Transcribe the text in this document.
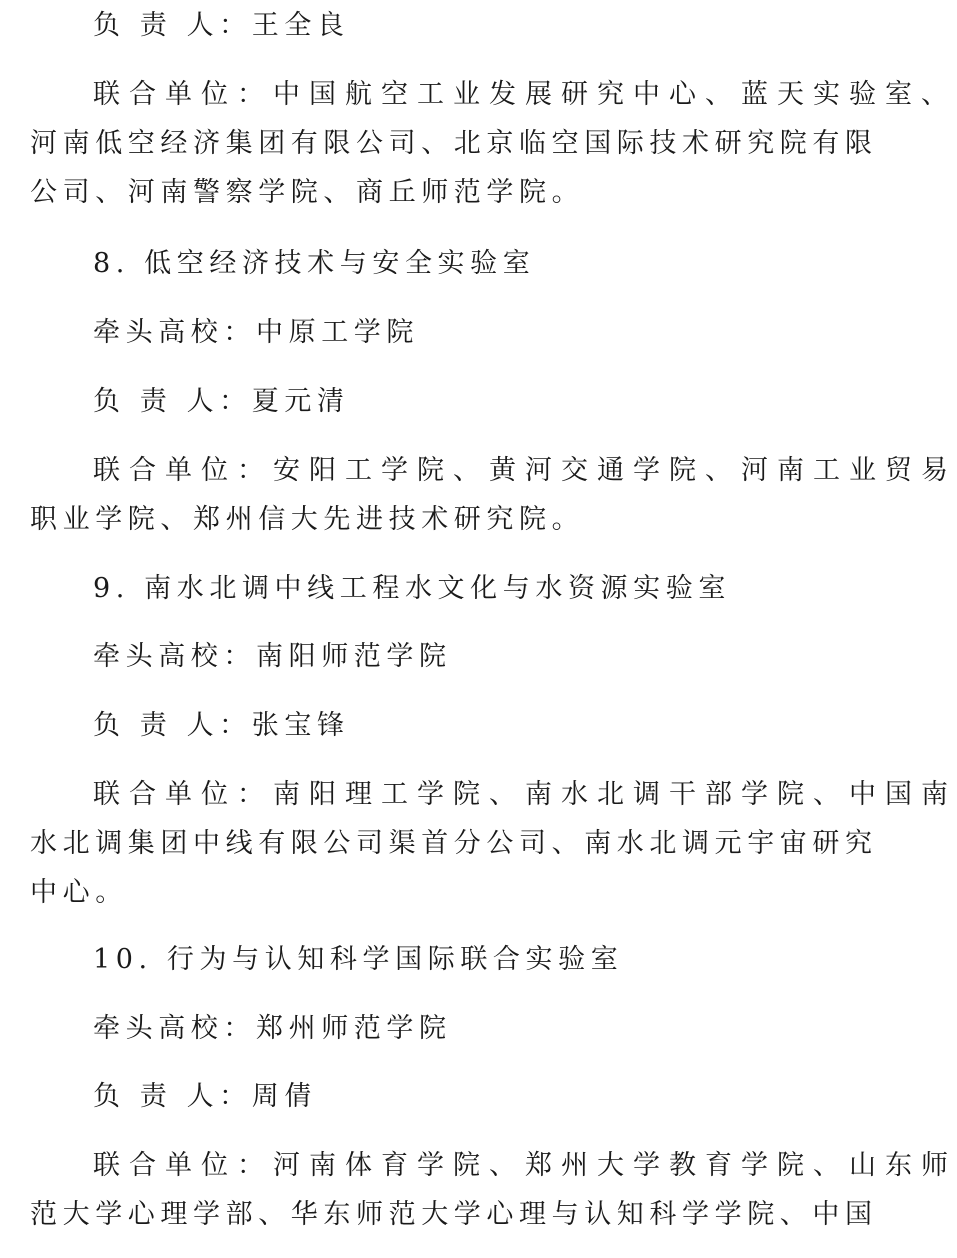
负 责 人：王全良
联合单位：中国航空工业发展研究中心、蓝天实验室、
河南低空经济集团有限公司、北京临空国际技术研究院有限
公司、河南警察学院、商丘师范学院。
8. 低空经济技术与安全实验室
牵头高校：中原工学院
负 责 人：夏元清
联合单位：安阳工学院、黄河交通学院、河南工业贸易
职业学院、郑州信大先进技术研究院。
9. 南水北调中线工程水文化与水资源实验室
牵头高校：南阳师范学院
负 责 人：张宝锋
联合单位：南阳理工学院、南水北调干部学院、中国南
水北调集团中线有限公司渠首分公司、南水北调元宇宙研究
中心。
10. 行为与认知科学国际联合实验室
牵头高校：郑州师范学院
负 责 人：周倩
联合单位：河南体育学院、郑州大学教育学院、山东师
范大学心理学部、华东师范大学心理与认知科学学院、中国
